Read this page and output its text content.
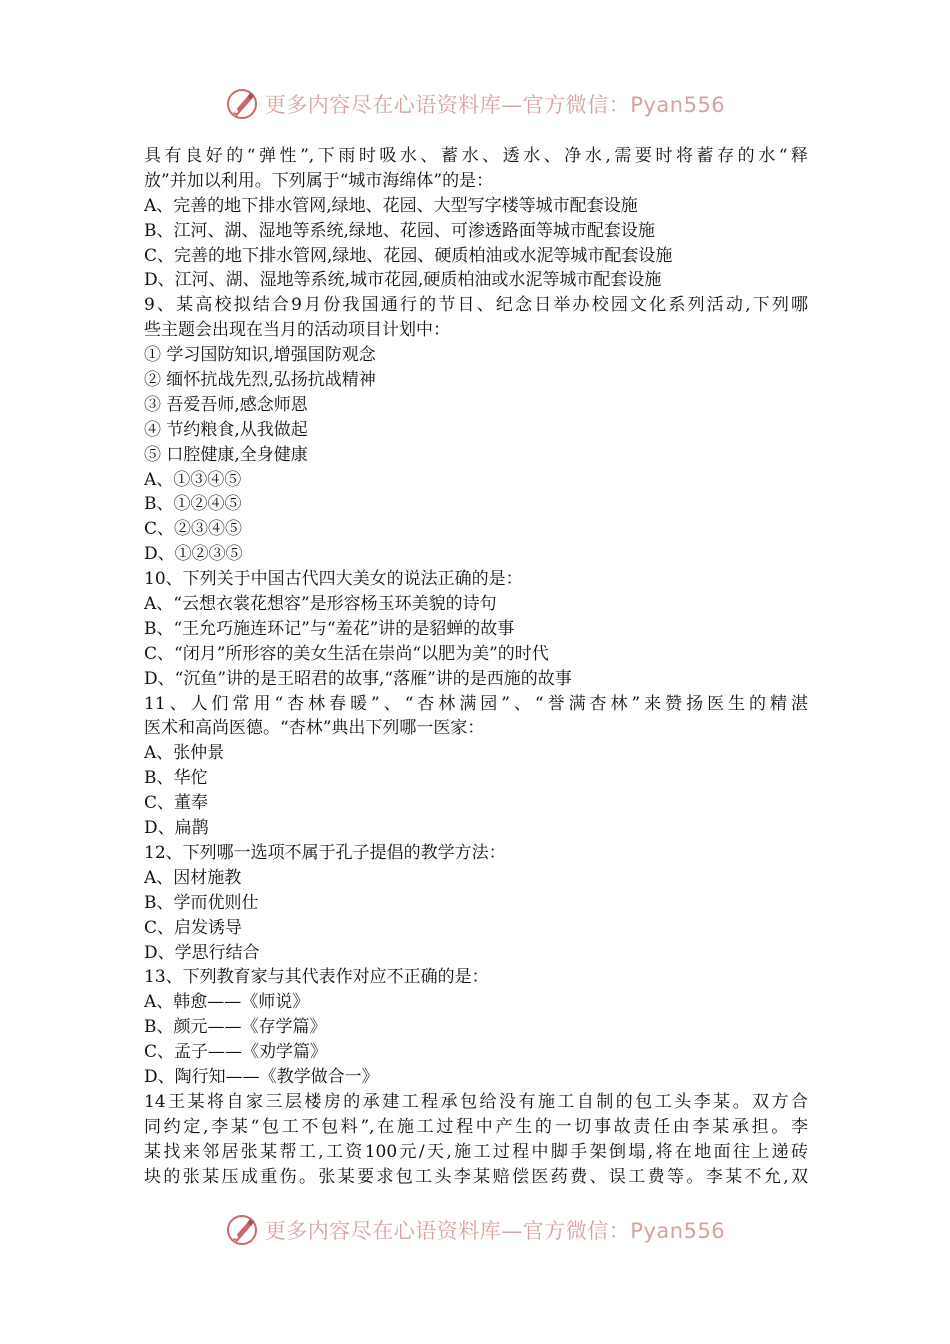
更多内容尽在心语资料库—官方微信：Pyan556
具有良好的“弹性”,下雨时吸水、蓄水、透水、净水,需要时将蓄存的水“释
放”并加以利用。下列属于“城市海绵体”的是：
A、完善的地下排水管网,绿地、花园、大型写字楼等城市配套设施
B、江河、湖、湿地等系统,绿地、花园、可渗透路面等城市配套设施
C、完善的地下排水管网,绿地、花园、硬质柏油或水泥等城市配套设施
D、江河、湖、湿地等系统,城市花园,硬质柏油或水泥等城市配套设施
9、某高校拟结合9月份我国通行的节日、纪念日举办校园文化系列活动,下列哪
些主题会出现在当月的活动项目计划中：
① 学习国防知识,增强国防观念
② 缅怀抗战先烈,弘扬抗战精神
③ 吾爱吾师,感念师恩
④ 节约粮食,从我做起
⑤ 口腔健康,全身健康
A、①③④⑤
B、①②④⑤
C、②③④⑤
D、①②③⑤
10、下列关于中国古代四大美女的说法正确的是：
A、“云想衣裳花想容”是形容杨玉环美貌的诗句
B、“王允巧施连环记”与“羞花”讲的是貂蝉的故事
C、“闭月”所形容的美女生活在崇尚“以肥为美”的时代
D、“沉鱼”讲的是王昭君的故事,“落雁”讲的是西施的故事
11、人们常用“杏林春暖”、“杏林满园”、“誉满杏林”来赞扬医生的精湛
医术和高尚医德。“杏林”典出下列哪一医家：
A、张仲景
B、华佗
C、董奉
D、扁鹊
12、下列哪一选项不属于孔子提倡的教学方法：
A、因材施教
B、学而优则仕
C、启发诱导
D、学思行结合
13、下列教育家与其代表作对应不正确的是：
A、韩愈——《师说》
B、颜元——《存学篇》
C、孟子——《劝学篇》
D、陶行知——《教学做合一》
14王某将自家三层楼房的承建工程承包给没有施工自制的包工头李某。双方合
同约定,李某“包工不包料”,在施工过程中产生的一切事故责任由李某承担。李
某找来邻居张某帮工,工资100元/天,施工过程中脚手架倒塌,将在地面往上递砖
块的张某压成重伤。张某要求包工头李某赔偿医药费、误工费等。李某不允,双
更多内容尽在心语资料库—官方微信：Pyan556
